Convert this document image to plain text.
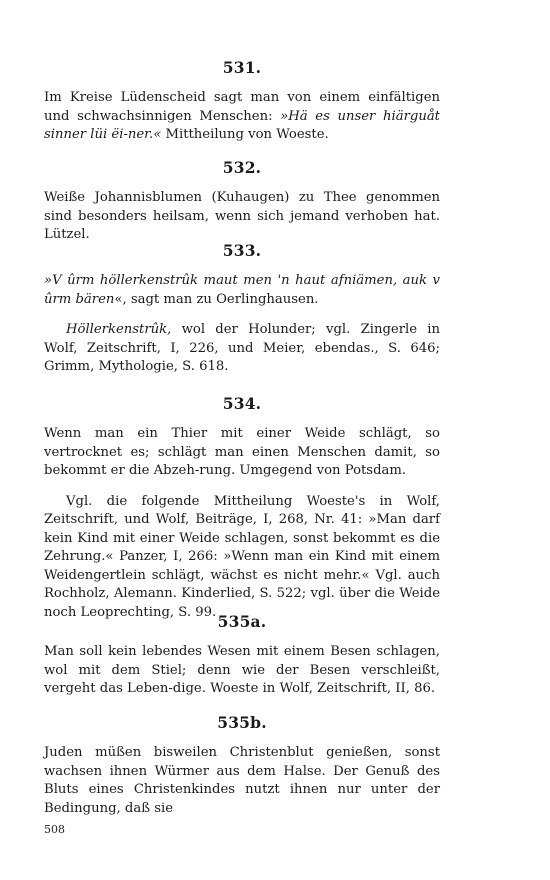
531.

Im Kreise Lüdenscheid sagt man von einem einfältigen und schwachsinnigen Menschen: »Hä es unser hiärguåt sinner lüi ëi-ner.« Mittheilung von Woeste.

532.

Weiße Johannisblumen (Kuhaugen) zu Thee genommen sind besonders heilsam, wenn sich jemand verhoben hat. Lützel.

533.

»V ûrm höllerkenstrûk maut men 'n haut afniämen, auk v ûrm bären«, sagt man zu Oerlinghausen.

Höllerkenstrûk, wol der Holunder; vgl. Zingerle in Wolf, Zeitschrift, I, 226, und Meier, ebendas., S. 646; Grimm, Mythologie, S. 618.

534.

Wenn man ein Thier mit einer Weide schlägt, so vertrocknet es; schlägt man einen Menschen damit, so bekommt er die Abzeh-rung. Umgegend von Potsdam.

Vgl. die folgende Mittheilung Woeste's in Wolf, Zeitschrift, und Wolf, Beiträge, I, 268, Nr. 41: »Man darf kein Kind mit einer Weide schlagen, sonst bekommt es die Zehrung.« Panzer, I, 266: »Wenn man ein Kind mit einem Weidengertlein schlägt, wächst es nicht mehr.« Vgl. auch Rochholz, Alemann. Kinderlied, S. 522; vgl. über die Weide noch Leoprechting, S. 99. 535a.

Man soll kein lebendes Wesen mit einem Besen schlagen, wol mit dem Stiel; denn wie der Besen verschleißt, vergeht das Leben-dige. Woeste in Wolf, Zeitschrift, II, 86.

535b.

Juden müßen bisweilen Christenblut genießen, sonst wachsen ihnen Würmer aus dem Halse. Der Genuß des Bluts eines Christenkindes nutzt ihnen nur unter der Bedingung, daß sie

508
